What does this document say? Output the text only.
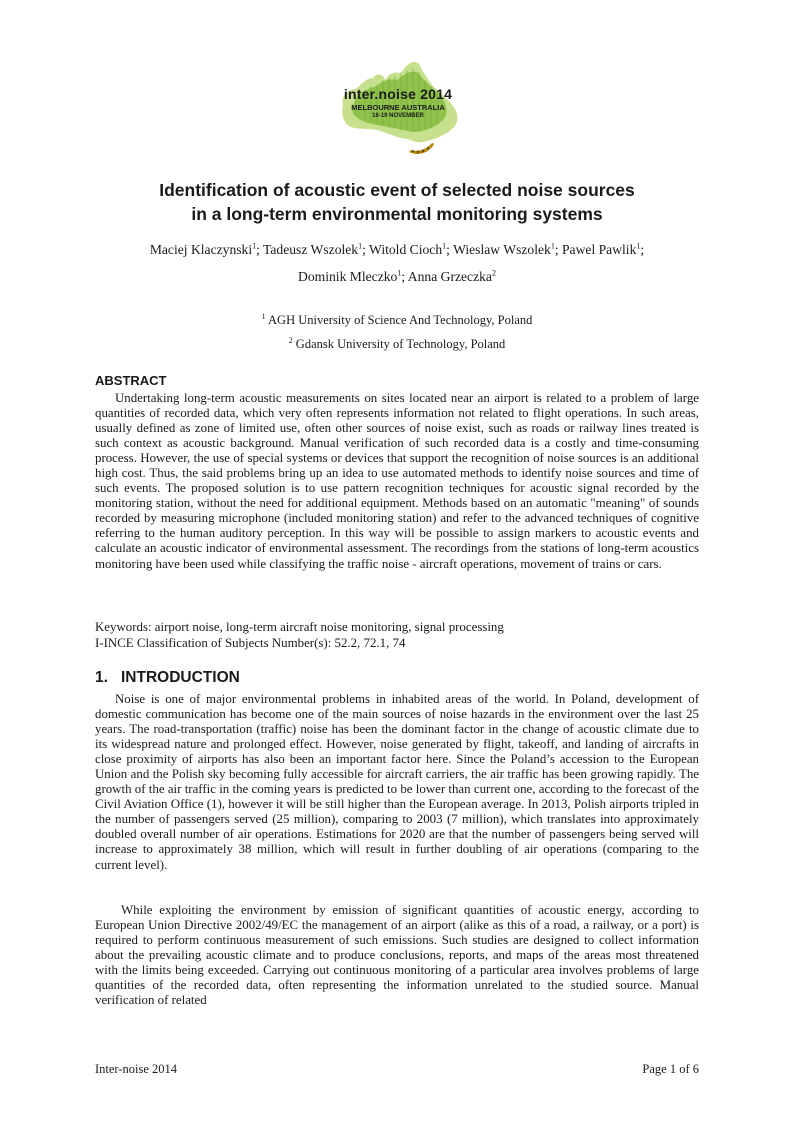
inter.noise 2014
MELBOURNE AUSTRALIA
16-19 NOVEMBER
Identification of acoustic event of selected noise sources
in a long-term environmental monitoring systems

Maciej Klaczynski$^1$; Tadeusz Wszolek$^1$; Witold Cioch$^1$; Wieslaw Wszolek$^1$; Pawel Pawlik$^1$;
Dominik Mleczko$^1$; Anna Grzeczka$^2$

$^1$ AGH University of Science And Technology, Poland

$^2$ Gdansk University of Technology, Poland

ABSTRACT

Undertaking long-term acoustic measurements on sites located near an airport is related to a problem of large quantities of recorded data, which very often represents information not related to flight operations. In such areas, usually defined as zone of limited use, often other sources of noise exist, such as roads or railway lines treated is such context as acoustic background. Manual verification of such recorded data is a costly and time-consuming process. However, the use of special systems or devices that support the recognition of noise sources is an additional high cost. Thus, the said problems bring up an idea to use automated methods to identify noise sources and time of such events. The proposed solution is to use pattern recognition techniques for acoustic signal recorded by the monitoring station, without the need for additional equipment. Methods based on an automatic "meaning" of sounds recorded by measuring microphone (included monitoring station) and refer to the advanced techniques of cognitive referring to the human auditory perception. In this way will be possible to assign markers to acoustic events and calculate an acoustic indicator of environmental assessment. The recordings from the stations of long-term acoustics monitoring have been used while classifying the traffic noise - aircraft operations, movement of trains or cars.

Keywords: airport noise, long-term aircraft noise monitoring, signal processing

I-INCE Classification of Subjects Number(s): 52.2, 72.1, 74

1. INTRODUCTION

Noise is one of major environmental problems in inhabited areas of the world. In Poland, development of domestic communication has become one of the main sources of noise hazards in the environment over the last 25 years. The road-transportation (traffic) noise has been the dominant factor in the change of acoustic climate due to its widespread nature and prolonged effect. However, noise generated by flight, takeoff, and landing of aircrafts in close proximity of airports has also been an important factor here. Since the Poland’s accession to the European Union and the Polish sky becoming fully accessible for aircraft carriers, the air traffic has been growing rapidly. The growth of the air traffic in the coming years is predicted to be lower than current one, according to the forecast of the Civil Aviation Office (1), however it will be still higher than the European average. In 2013, Polish airports tripled in the number of passengers served (25 million), comparing to 2003 (7 million), which translates into approximately doubled overall number of air operations. Estimations for 2020 are that the number of passengers being served will increase to approximately 38 million, which will result in further doubling of air operations (comparing to the current level).

While exploiting the environment by emission of significant quantities of acoustic energy, according to European Union Directive 2002/49/EC the management of an airport (alike as this of a road, a railway, or a port) is required to perform continuous measurement of such emissions. Such studies are designed to collect information about the prevailing acoustic climate and to produce conclusions, reports, and maps of the areas most threatened with the limits being exceeded. Carrying out continuous monitoring of a particular area involves problems of large quantities of the recorded data, often representing the information unrelated to the studied source. Manual verification of related

Inter-noise 2014	Page 1 of 6
